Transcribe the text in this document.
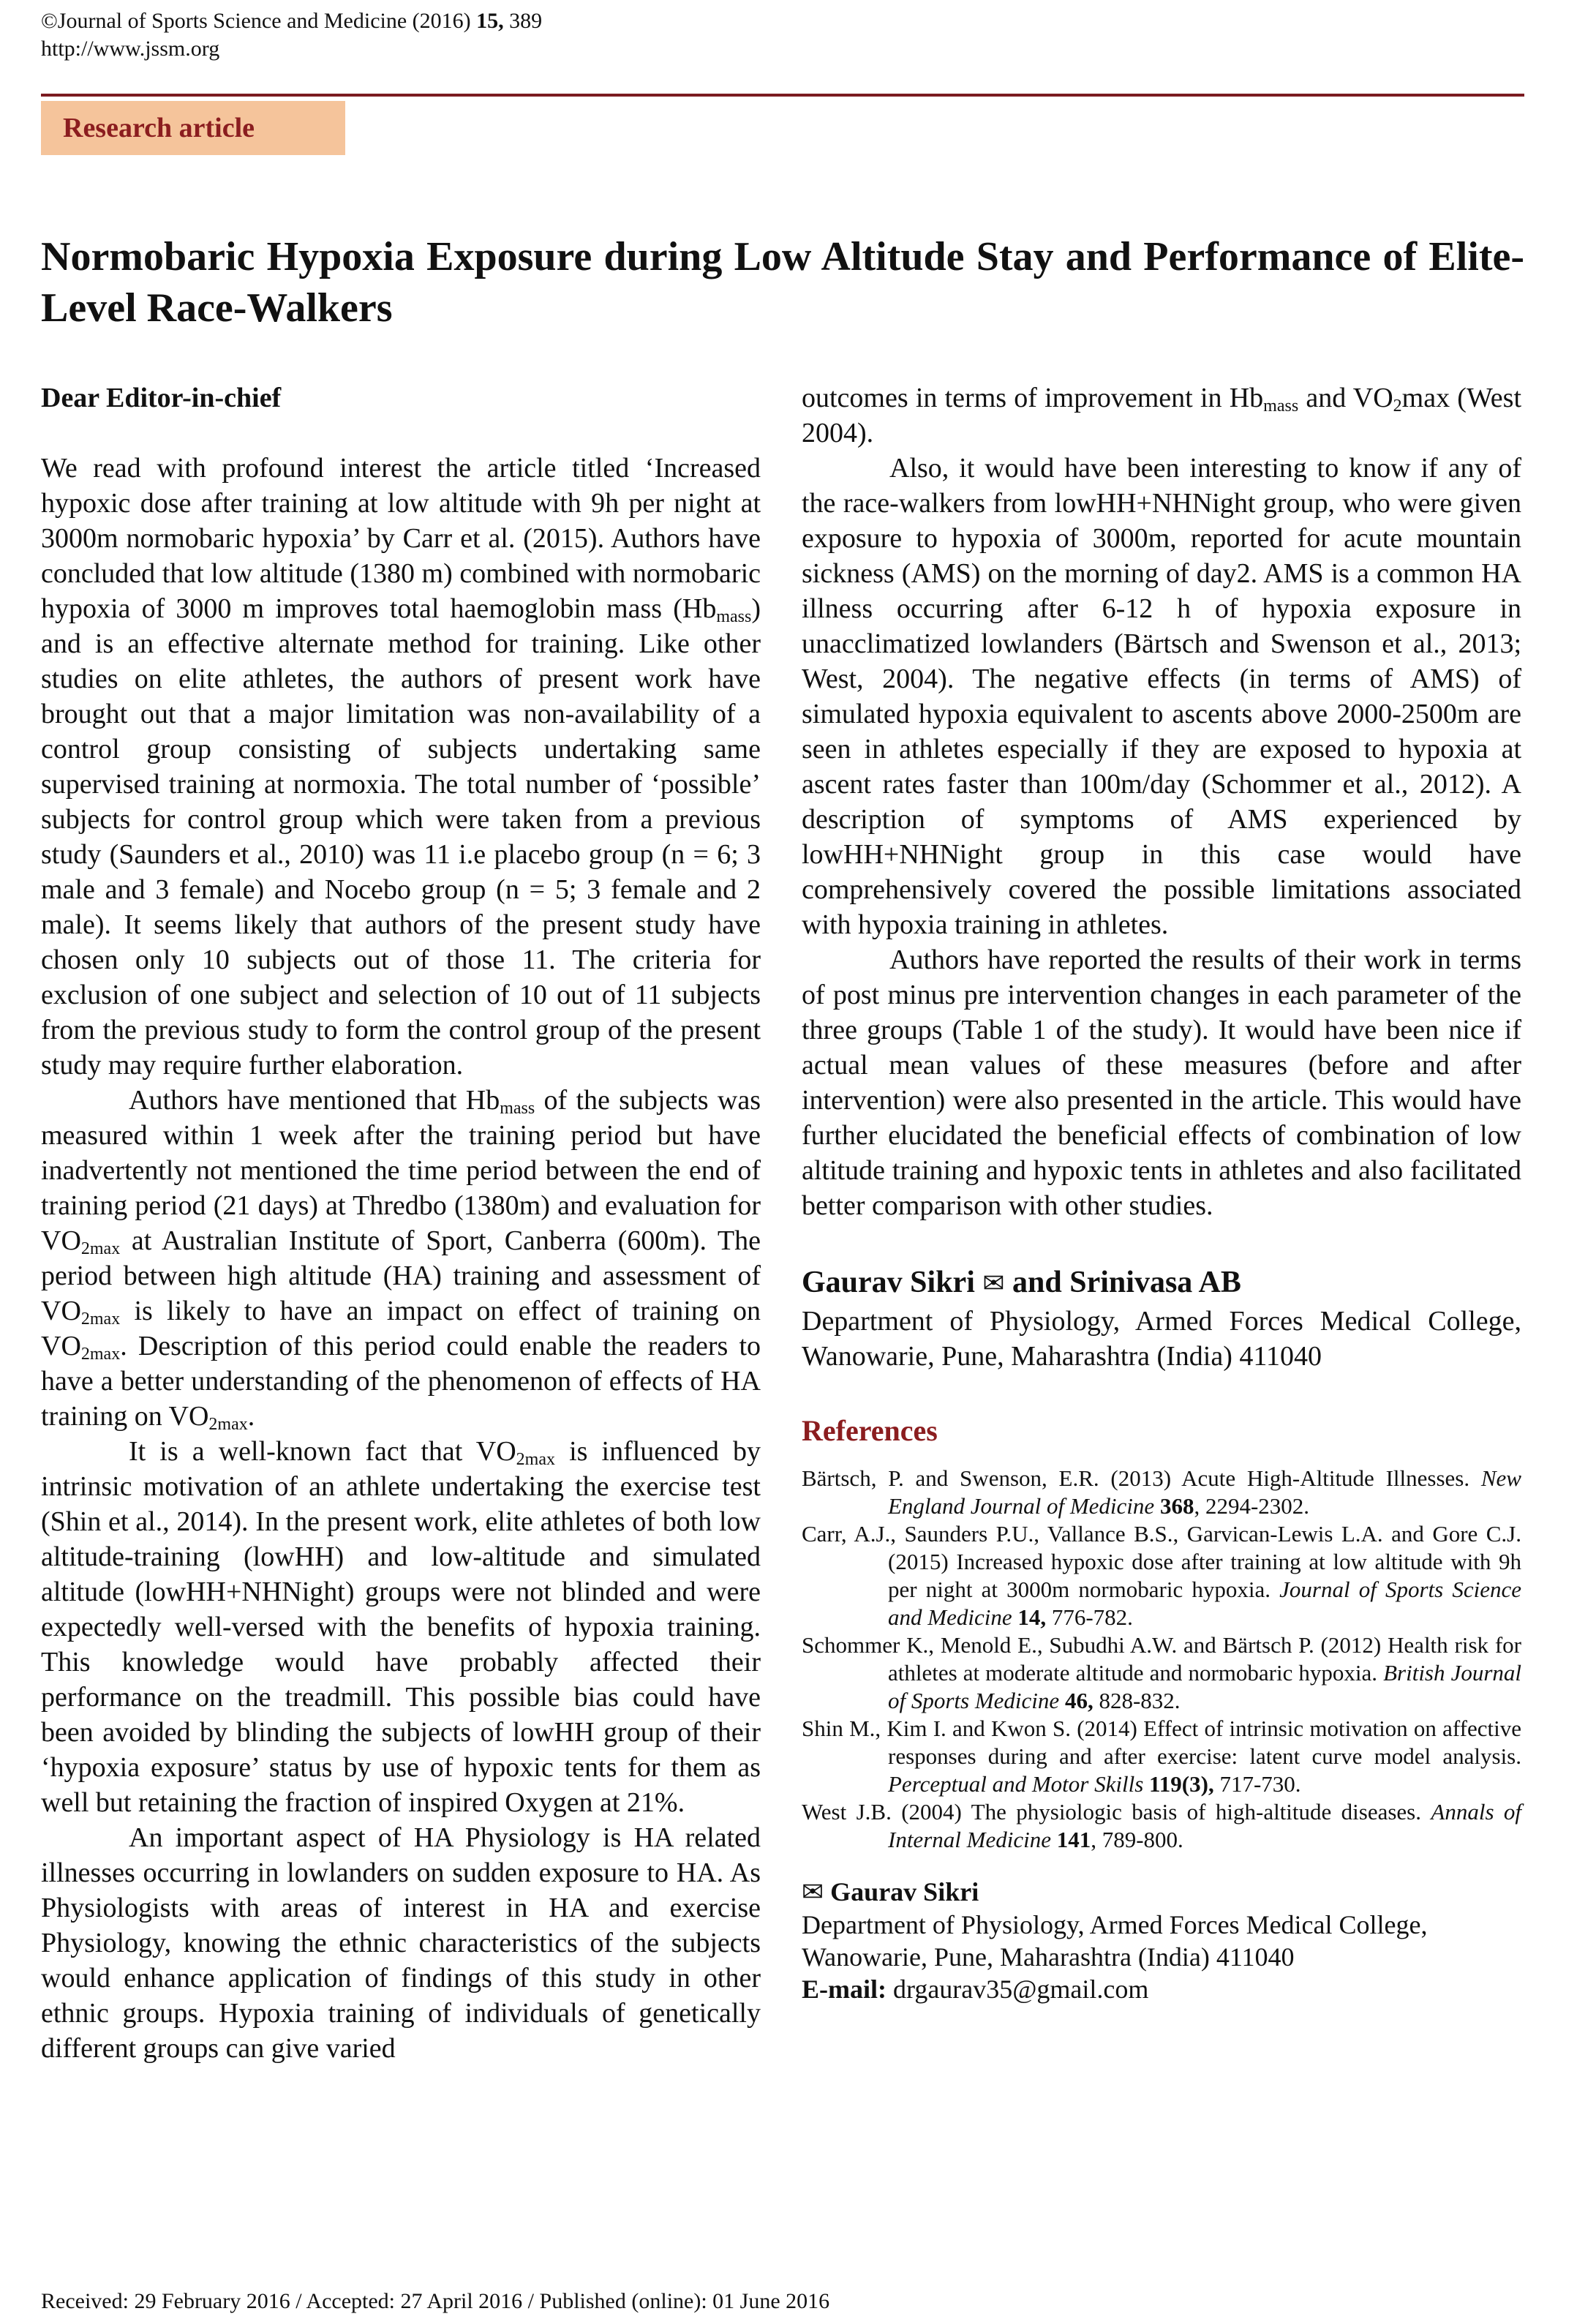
©Journal of Sports Science and Medicine (2016) 15, 389
http://www.jssm.org
Research article
Normobaric Hypoxia Exposure during Low Altitude Stay and Performance of Elite-Level Race-Walkers

Dear Editor-in-chief

We read with profound interest the article titled ‘Increased hypoxic dose after training at low altitude with 9h per night at 3000m normobaric hypoxia’ by Carr et al. (2015). Authors have concluded that low altitude (1380 m) combined with normobaric hypoxia of 3000 m improves total haemoglobin mass $(Hb_{mass})$ and is an effective alternate method for training. Like other studies on elite athletes, the authors of present work have brought out that a major limitation was non-availability of a control group consisting of subjects undertaking same supervised training at normoxia. The total number of ‘possible’ subjects for control group which were taken from a previous study (Saunders et al., 2010) was 11 i.e placebo group (n = 6; 3 male and 3 female) and Nocebo group (n = 5; 3 female and 2 male). It seems likely that authors of the present study have chosen only 10 subjects out of those 11. The criteria for exclusion of one subject and selection of 10 out of 11 subjects from the previous study to form the control group of the present study may require further elaboration.

Authors have mentioned that $Hb_{mass}$ of the subjects was measured within 1 week after the training period but have inadvertently not mentioned the time period between the end of training period (21 days) at Thredbo (1380m) and evaluation for $VO_{2max}$ at Australian Institute of Sport, Canberra (600m). The period between high altitude (HA) training and assessment of $VO_{2max}$ is likely to have an impact on effect of training on $VO_{2max}$. Description of this period could enable the readers to have a better understanding of the phenomenon of effects of HA training on $VO_{2max}$.

It is a well-known fact that $VO_{2max}$ is influenced by intrinsic motivation of an athlete undertaking the exercise test (Shin et al., 2014). In the present work, elite athletes of both low altitude-training (lowHH) and low-altitude and simulated altitude (lowHH+NHNight) groups were not blinded and were expectedly well-versed with the benefits of hypoxia training. This knowledge would have probably affected their performance on the treadmill. This possible bias could have been avoided by blinding the subjects of lowHH group of their ‘hypoxia exposure’ status by use of hypoxic tents for them as well but retaining the fraction of inspired Oxygen at 21%.

An important aspect of HA Physiology is HA related illnesses occurring in lowlanders on sudden exposure to HA. As Physiologists with areas of interest in HA and exercise Physiology, knowing the ethnic characteristics of the subjects would enhance application of findings of this study in other ethnic groups. Hypoxia training of individuals of genetically different groups can give varied

outcomes in terms of improvement in $Hb_{mass}$ and $VO_2\max$ (West 2004).

Also, it would have been interesting to know if any of the race-walkers from lowHH+NHNight group, who were given exposure to hypoxia of 3000m, reported for acute mountain sickness (AMS) on the morning of day2. AMS is a common HA illness occurring after 6-12 h of hypoxia exposure in unacclimatized lowlanders (Bärtsch and Swenson et al., 2013; West, 2004). The negative effects (in terms of AMS) of simulated hypoxia equivalent to ascents above 2000-2500m are seen in athletes especially if they are exposed to hypoxia at ascent rates faster than 100m/day (Schommer et al., 2012). A description of symptoms of AMS experienced by lowHH+NHNight group in this case would have comprehensively covered the possible limitations associated with hypoxia training in athletes.

Authors have reported the results of their work in terms of post minus pre intervention changes in each parameter of the three groups (Table 1 of the study). It would have been nice if actual mean values of these measures (before and after intervention) were also presented in the article. This would have further elucidated the beneficial effects of combination of low altitude training and hypoxic tents in athletes and also facilitated better comparison with other studies.

Gaurav Sikri ✉ and Srinivasa AB

Department of Physiology, Armed Forces Medical College, Wanowarie, Pune, Maharashtra (India) 411040

References

Bärtsch, P. and Swenson, E.R. (2013) Acute High-Altitude Illnesses. New England Journal of Medicine 368, 2294-2302.

Carr, A.J., Saunders P.U., Vallance B.S., Garvican-Lewis L.A. and Gore C.J. (2015) Increased hypoxic dose after training at low altitude with 9h per night at 3000m normobaric hypoxia. Journal of Sports Science and Medicine 14, 776-782.

Schommer K., Menold E., Subudhi A.W. and Bärtsch P. (2012) Health risk for athletes at moderate altitude and normobaric hypoxia. British Journal of Sports Medicine 46, 828-832.

Shin M., Kim I. and Kwon S. (2014) Effect of intrinsic motivation on affective responses during and after exercise: latent curve model analysis. Perceptual and Motor Skills 119(3), 717-730.

West J.B. (2004) The physiologic basis of high-altitude diseases. Annals of Internal Medicine 141, 789-800.

✉ Gaurav Sikri

Department of Physiology, Armed Forces Medical College,

Wanowarie, Pune, Maharashtra (India) 411040

E-mail: drgaurav35@gmail.com

Received: 29 February 2016 / Accepted: 27 April 2016 / Published (online): 01 June 2016
